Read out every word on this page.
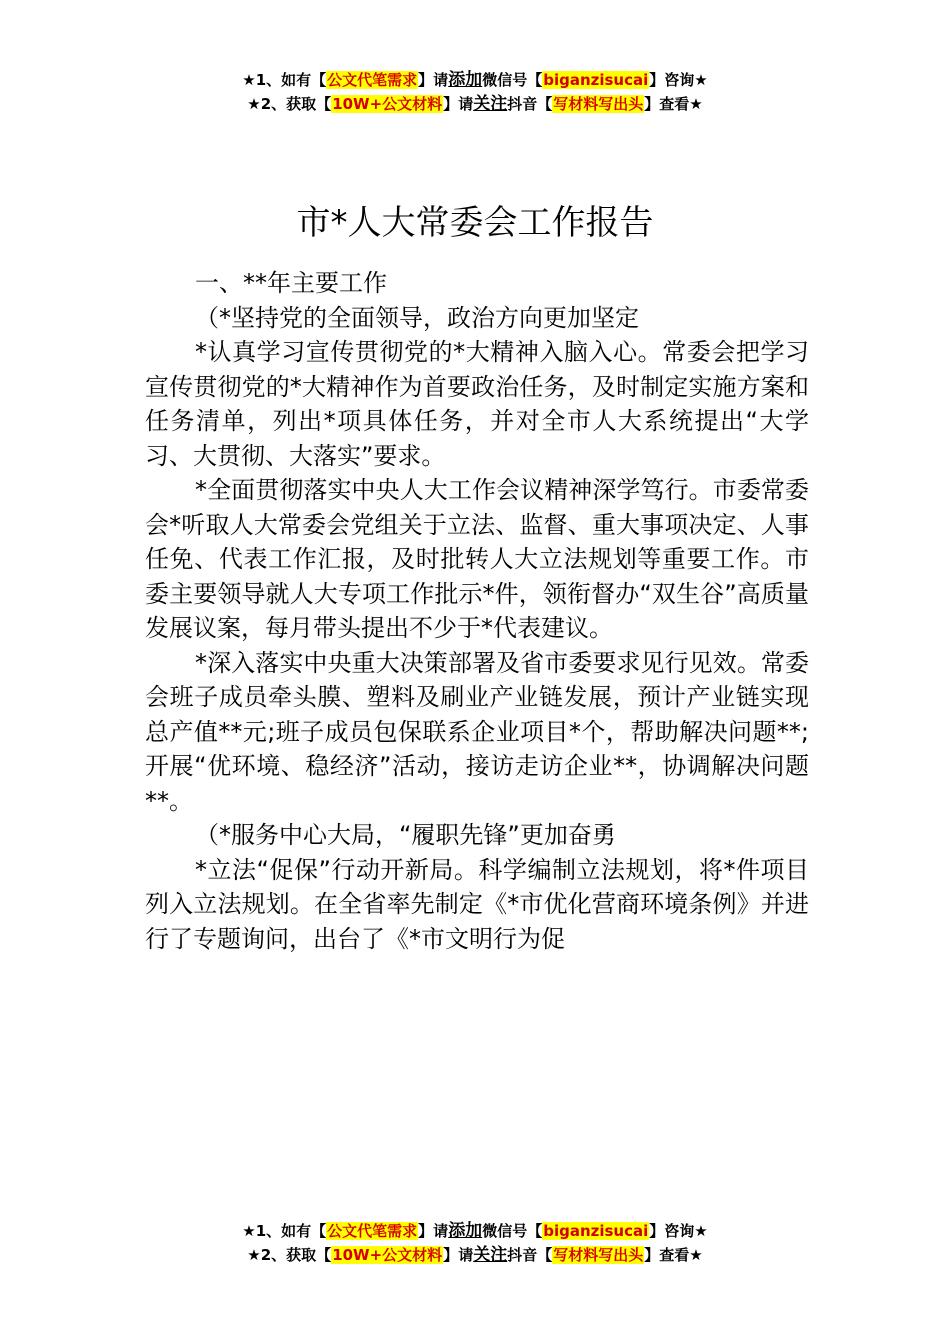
★1、如有【公文代笔需求】请添加微信号【biganzisucai】咨询★
★2、获取【10W+公文材料】请关注抖音【写材料写出头】查看★
市*人大常委会工作报告

一、**年主要工作

（*坚持党的全面领导，政治方向更加坚定

*认真学习宣传贯彻党的*大精神入脑入心。常委会把学习宣传贯彻党的*大精神作为首要政治任务，及时制定实施方案和任务清单，列出*项具体任务，并对全市人大系统提出“大学习、大贯彻、大落实”要求。

*全面贯彻落实中央人大工作会议精神深学笃行。市委常委会*听取人大常委会党组关于立法、监督、重大事项决定、人事任免、代表工作汇报，及时批转人大立法规划等重要工作。市委主要领导就人大专项工作批示*件，领衔督办“双生谷”高质量发展议案，每月带头提出不少于*代表建议。

*深入落实中央重大决策部署及省市委要求见行见效。常委会班子成员牵头膜、塑料及刷业产业链发展，预计产业链实现总产值**元;班子成员包保联系企业项目*个，帮助解决问题**;开展“优环境、稳经济”活动，接访走访企业**，协调解决问题**。

（*服务中心大局，“履职先锋”更加奋勇

*立法“促保”行动开新局。科学编制立法规划，将*件项目列入立法规划。在全省率先制定《*市优化营商环境条例》并进行了专题询问，出台了《*市文明行为促

★1、如有【公文代笔需求】请添加微信号【biganzisucai】咨询★
★2、获取【10W+公文材料】请关注抖音【写材料写出头】查看★
